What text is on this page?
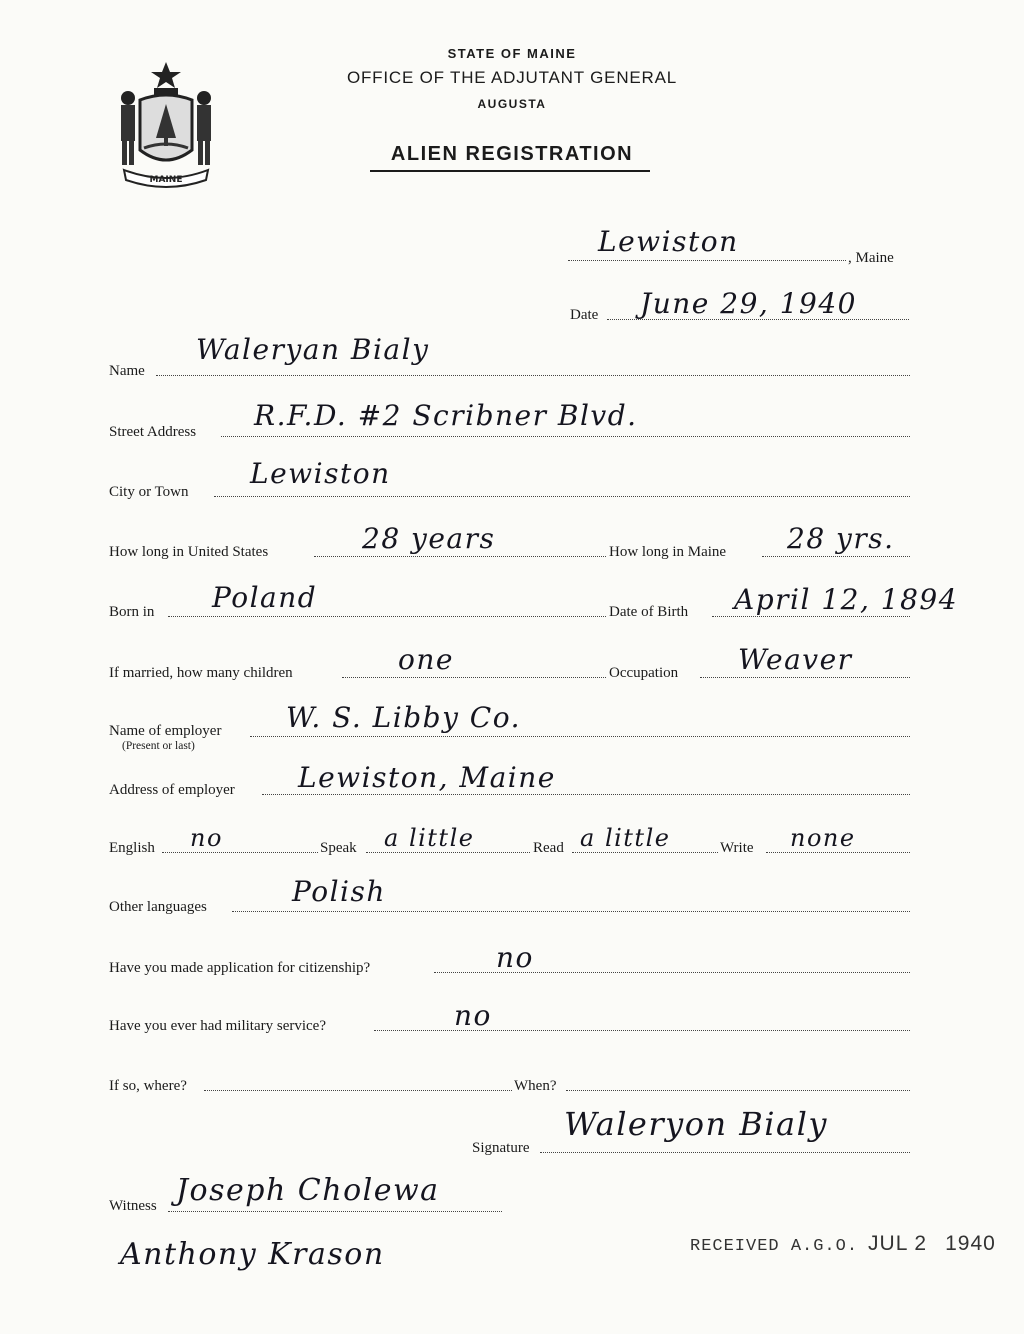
MAINE
STATE OF MAINE
OFFICE OF THE ADJUTANT GENERAL
AUGUSTA
ALIEN REGISTRATION
Lewiston	, Maine
Date June 29, 1940
Name
Waleryan Bialy
Street Address R.F.D. #2 Scribner Blvd.
City or Town
Lewiston
How long in United States	28 years	How long in Maine 28 yrs.
Born in Poland	Date of Birth April 12, 1894
If married, how many children	one	Occupation Weaver
Name of employer
(Present or last)
W. S. Libby Co.
Address of employer Lewiston, Maine
English no	Speak a little	Read a little	Write none
Other languages	Polish
Have you made application for citizenship?	no
Have you ever had military service?	no
If so, where?	When?
Signature
Waleryon Bialy
Witness Joseph Cholewa
Anthony Krason	RECEIVED A.G.O. JUL 2 1940
